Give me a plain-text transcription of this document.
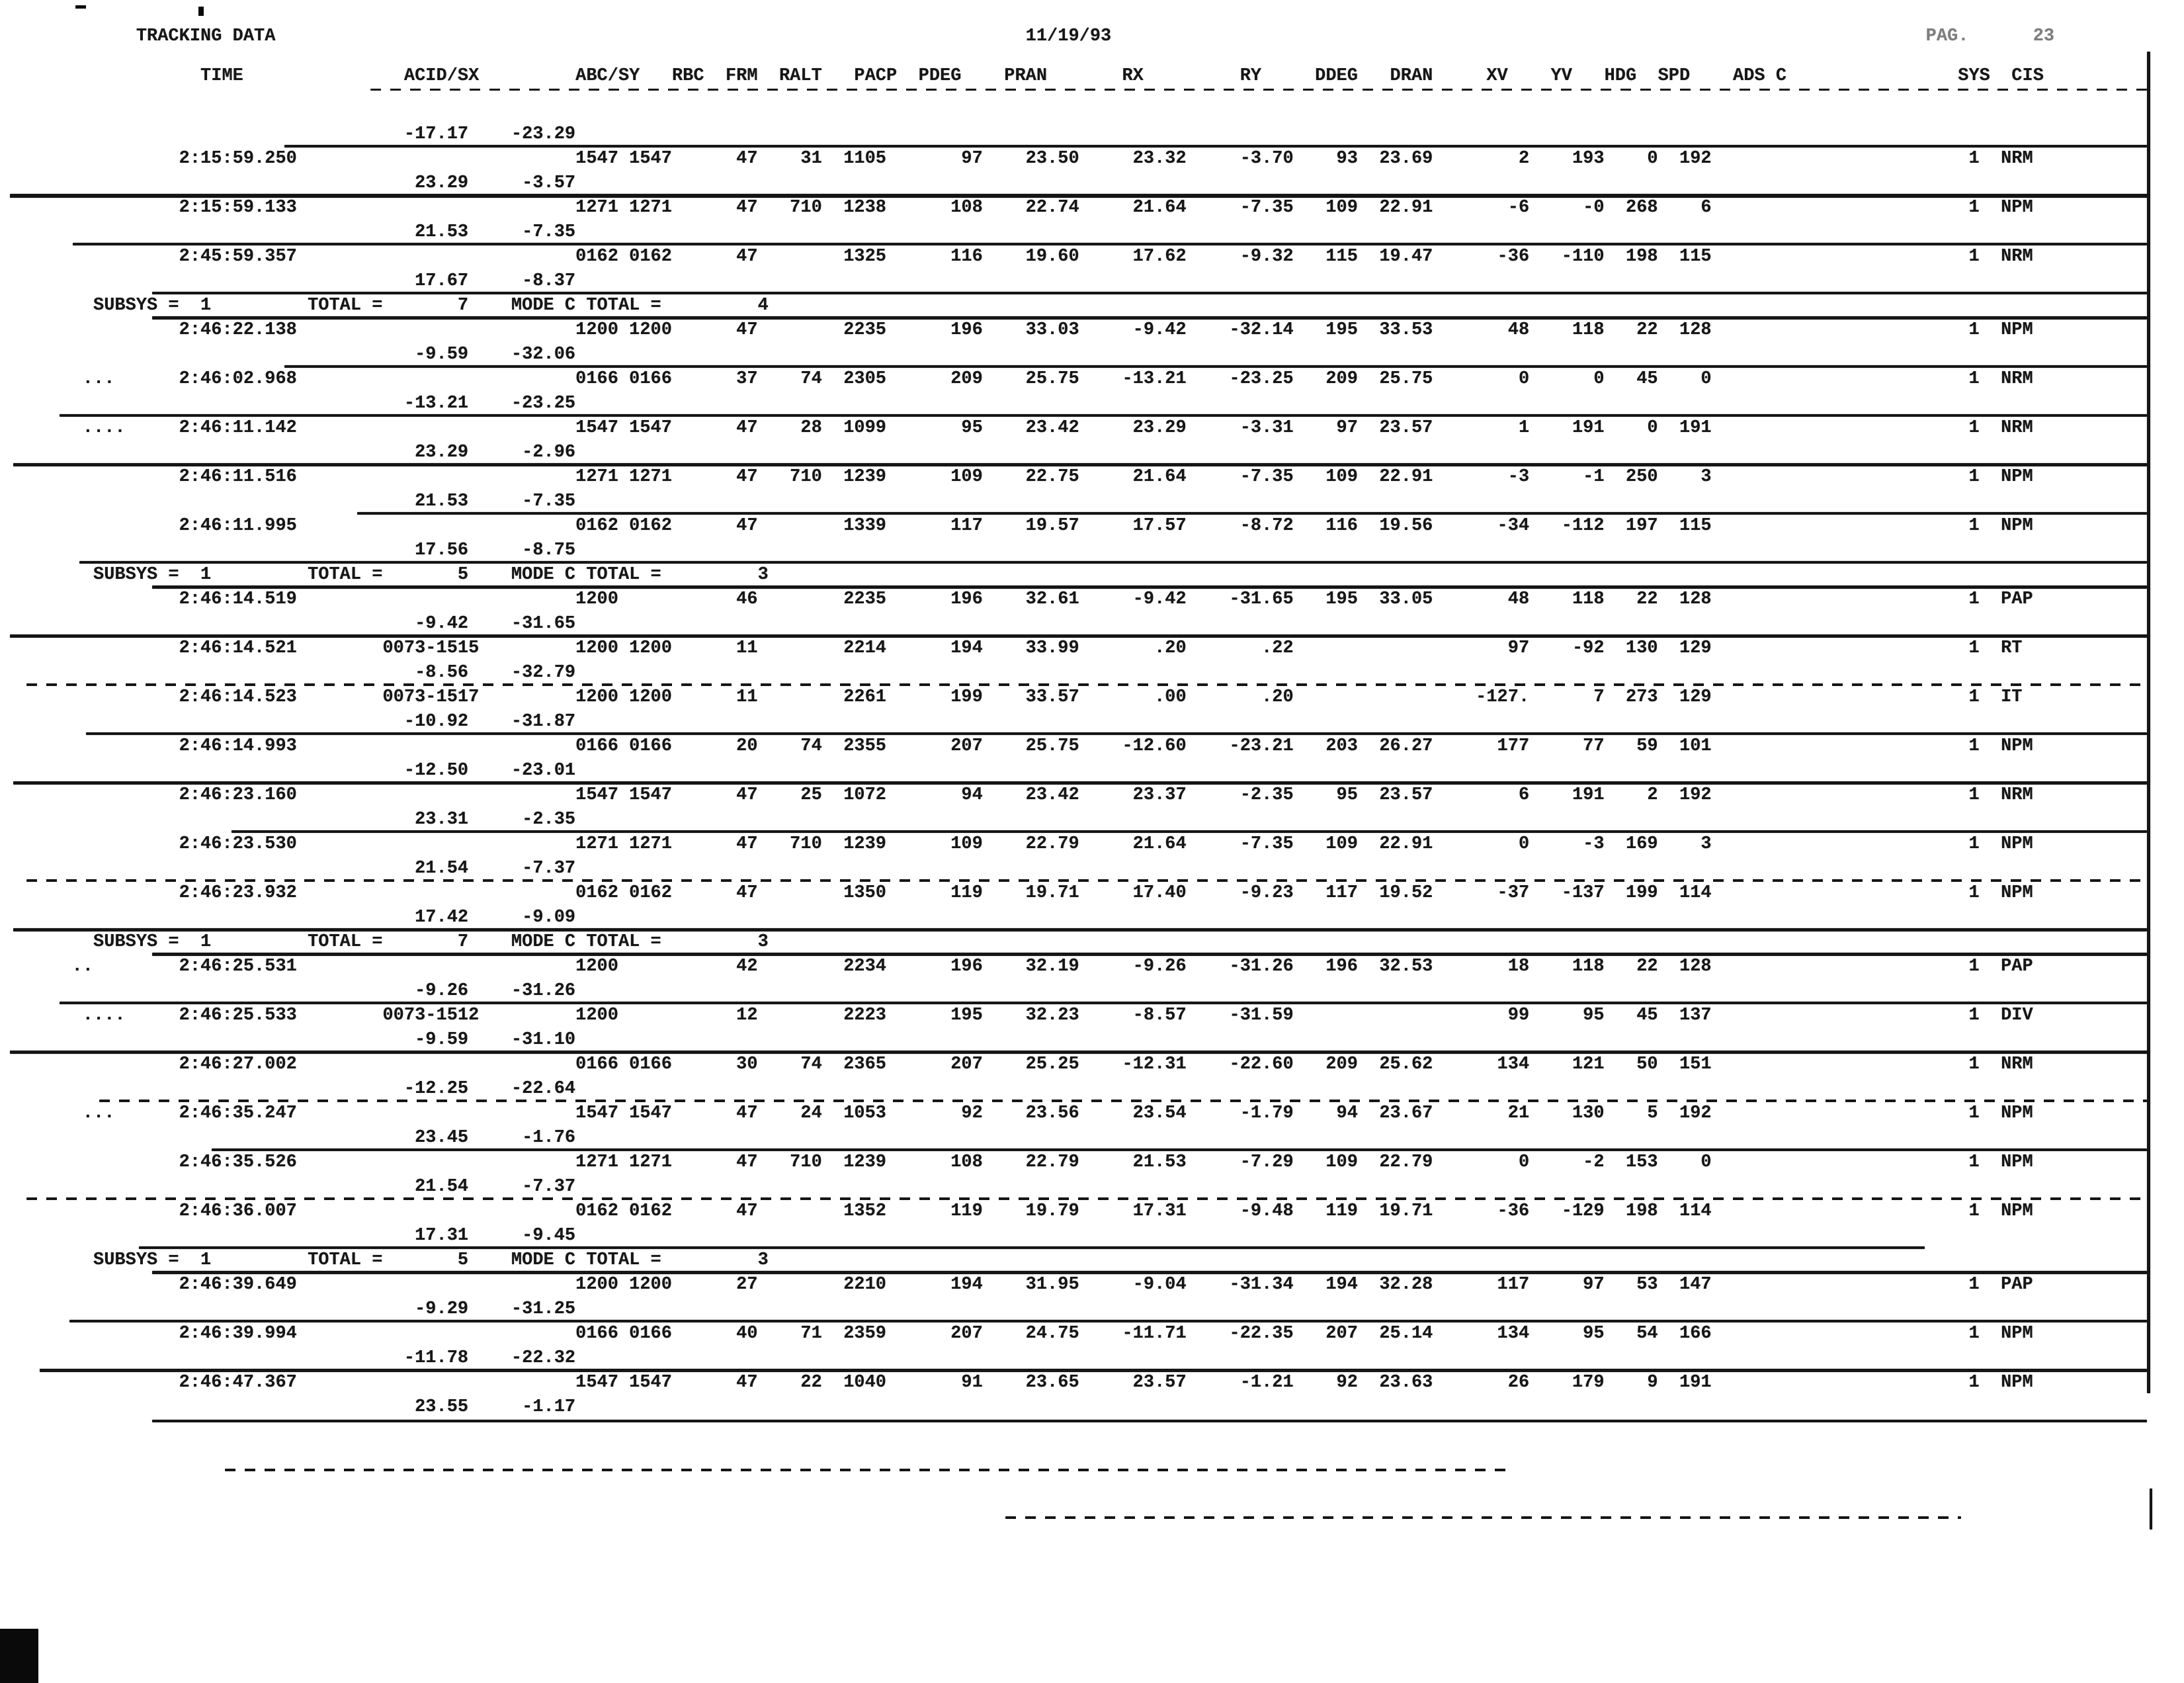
TRACKING DATA

	11/19/93

	PAG.

	23

TIME               ACID/SX         ABC/SY   RBC  FRM  RALT   PACP  PDEG    PRAN       RX         RY     DDEG   DRAN     XV    YV   HDG  SPD    ADS C                SYS  CIS
-17.17    -23.29
2:15:59.250                          1547 1547      47    31  1105       97    23.50     23.32     -3.70    93  23.69        2    193    0  192                        1  NRM
23.29     -3.57
2:15:59.133                          1271 1271      47   710  1238      108    22.74     21.64     -7.35   109  22.91       -6     -0  268    6                        1  NPM
21.53     -7.35
2:45:59.357                          0162 0162      47        1325      116    19.60     17.62     -9.32   115  19.47      -36   -110  198  115                        1  NRM
17.67     -8.37
SUBSYS =  1         TOTAL =       7    MODE C TOTAL =         4
2:46:22.138                          1200 1200      47        2235      196    33.03     -9.42    -32.14   195  33.53       48    118   22  128                        1  NPM
-9.59    -32.06
...      2:46:02.968                          0166 0166      37    74  2305      209    25.75    -13.21    -23.25   209  25.75        0      0   45    0                        1  NRM
-13.21    -23.25
....     2:46:11.142                          1547 1547      47    28  1099       95    23.42     23.29     -3.31    97  23.57        1    191    0  191                        1  NRM
23.29     -2.96
2:46:11.516                          1271 1271      47   710  1239      109    22.75     21.64     -7.35   109  22.91       -3     -1  250    3                        1  NPM
21.53     -7.35
2:46:11.995                          0162 0162      47        1339      117    19.57     17.57     -8.72   116  19.56      -34   -112  197  115                        1  NPM
17.56     -8.75
SUBSYS =  1         TOTAL =       5    MODE C TOTAL =         3
2:46:14.519                          1200           46        2235      196    32.61     -9.42    -31.65   195  33.05       48    118   22  128                        1  PAP
-9.42    -31.65
2:46:14.521        0073-1515         1200 1200      11        2214      194    33.99       .20       .22                    97    -92  130  129                        1  RT
-8.56    -32.79
2:46:14.523        0073-1517         1200 1200      11        2261      199    33.57       .00       .20                 -127.      7  273  129                        1  IT
-10.92    -31.87
2:46:14.993                          0166 0166      20    74  2355      207    25.75    -12.60    -23.21   203  26.27      177     77   59  101                        1  NPM
-12.50    -23.01
2:46:23.160                          1547 1547      47    25  1072       94    23.42     23.37     -2.35    95  23.57        6    191    2  192                        1  NRM
23.31     -2.35
2:46:23.530                          1271 1271      47   710  1239      109    22.79     21.64     -7.35   109  22.91        0     -3  169    3                        1  NPM
21.54     -7.37
2:46:23.932                          0162 0162      47        1350      119    19.71     17.40     -9.23   117  19.52      -37   -137  199  114                        1  NPM
17.42     -9.09
SUBSYS =  1         TOTAL =       7    MODE C TOTAL =         3
..        2:46:25.531                          1200           42        2234      196    32.19     -9.26    -31.26   196  32.53       18    118   22  128                        1  PAP
-9.26    -31.26
....     2:46:25.533        0073-1512         1200           12        2223      195    32.23     -8.57    -31.59                    99     95   45  137                        1  DIV
-9.59    -31.10
2:46:27.002                          0166 0166      30    74  2365      207    25.25    -12.31    -22.60   209  25.62      134    121   50  151                        1  NRM
-12.25    -22.64
...      2:46:35.247                          1547 1547      47    24  1053       92    23.56     23.54     -1.79    94  23.67       21    130    5  192                        1  NPM
23.45     -1.76
2:46:35.526                          1271 1271      47   710  1239      108    22.79     21.53     -7.29   109  22.79        0     -2  153    0                        1  NPM
21.54     -7.37
2:46:36.007                          0162 0162      47        1352      119    19.79     17.31     -9.48   119  19.71      -36   -129  198  114                        1  NPM
17.31     -9.45
SUBSYS =  1         TOTAL =       5    MODE C TOTAL =         3
2:46:39.649                          1200 1200      27        2210      194    31.95     -9.04    -31.34   194  32.28      117     97   53  147                        1  PAP
-9.29    -31.25
2:46:39.994                          0166 0166      40    71  2359      207    24.75    -11.71    -22.35   207  25.14      134     95   54  166                        1  NPM
-11.78    -22.32
2:46:47.367                          1547 1547      47    22  1040       91    23.65     23.57     -1.21    92  23.63       26    179    9  191                        1  NPM
23.55     -1.17
